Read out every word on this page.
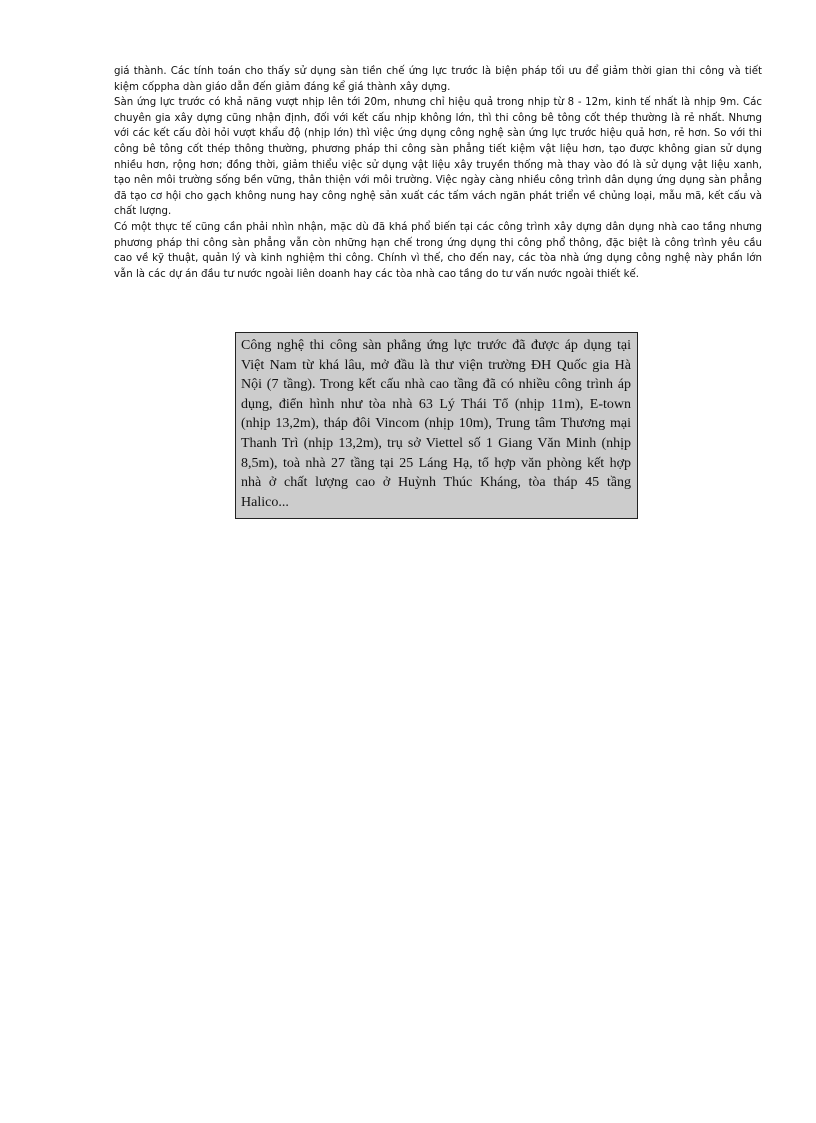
giá thành. Các tính toán cho thấy sử dụng sàn tiền chế ứng lực trước là biện pháp tối ưu để giảm thời gian thi công và tiết kiệm cốppha dàn giáo dẫn đến giảm đáng kể giá thành xây dựng.

Sàn ứng lực trước có khả năng vượt nhịp lên tới 20m, nhưng chỉ hiệu quả trong nhịp từ 8 - 12m, kinh tế nhất là nhịp 9m. Các chuyên gia xây dựng cũng nhận định, đối với kết cấu nhịp không lớn, thì thi công bê tông cốt thép thường là rẻ nhất. Nhưng với các kết cấu đòi hỏi vượt khẩu độ (nhịp lớn) thì việc ứng dụng công nghệ sàn ứng lực trước hiệu quả hơn, rẻ hơn. So với thi công bê tông cốt thép thông thường, phương pháp thi công sàn phẳng tiết kiệm vật liệu hơn, tạo được không gian sử dụng nhiều hơn, rộng hơn; đồng thời, giảm thiểu việc sử dụng vật liệu xây truyền thống mà thay vào đó là sử dụng vật liệu xanh, tạo nên môi trường sống bền vững, thân thiện với môi trường. Việc ngày càng nhiều công trình dân dụng ứng dụng sàn phẳng đã tạo cơ hội cho gạch không nung hay công nghệ sản xuất các tấm vách ngăn phát triển về chủng loại, mẫu mã, kết cấu và chất lượng.

Có một thực tế cũng cần phải nhìn nhận, mặc dù đã khá phổ biến tại các công trình xây dựng dân dụng nhà cao tầng nhưng phương pháp thi công sàn phẳng vẫn còn những hạn chế trong ứng dụng thi công phổ thông, đặc biệt là công trình yêu cầu cao về kỹ thuật, quản lý và kinh nghiệm thi công. Chính vì thế, cho đến nay, các tòa nhà ứng dụng công nghệ này phần lớn vẫn là các dự án đầu tư nước ngoài liên doanh hay các tòa nhà cao tầng do tư vấn nước ngoài thiết kế.

Công nghệ thi công sàn phẳng ứng lực trước đã được áp dụng tại Việt Nam từ khá lâu, mở đầu là thư viện trường ĐH Quốc gia Hà Nội (7 tầng). Trong kết cấu nhà cao tầng đã có nhiều công trình áp dụng, điển hình như tòa nhà 63 Lý Thái Tổ (nhịp 11m), E-town (nhịp 13,2m), tháp đôi Vincom (nhịp 10m), Trung tâm Thương mại Thanh Trì (nhịp 13,2m), trụ sở Viettel số 1 Giang Văn Minh (nhịp 8,5m), toà nhà 27 tầng tại 25 Láng Hạ, tổ hợp văn phòng kết hợp nhà ở chất lượng cao ở Huỳnh Thúc Kháng, tòa tháp 45 tầng Halico...
